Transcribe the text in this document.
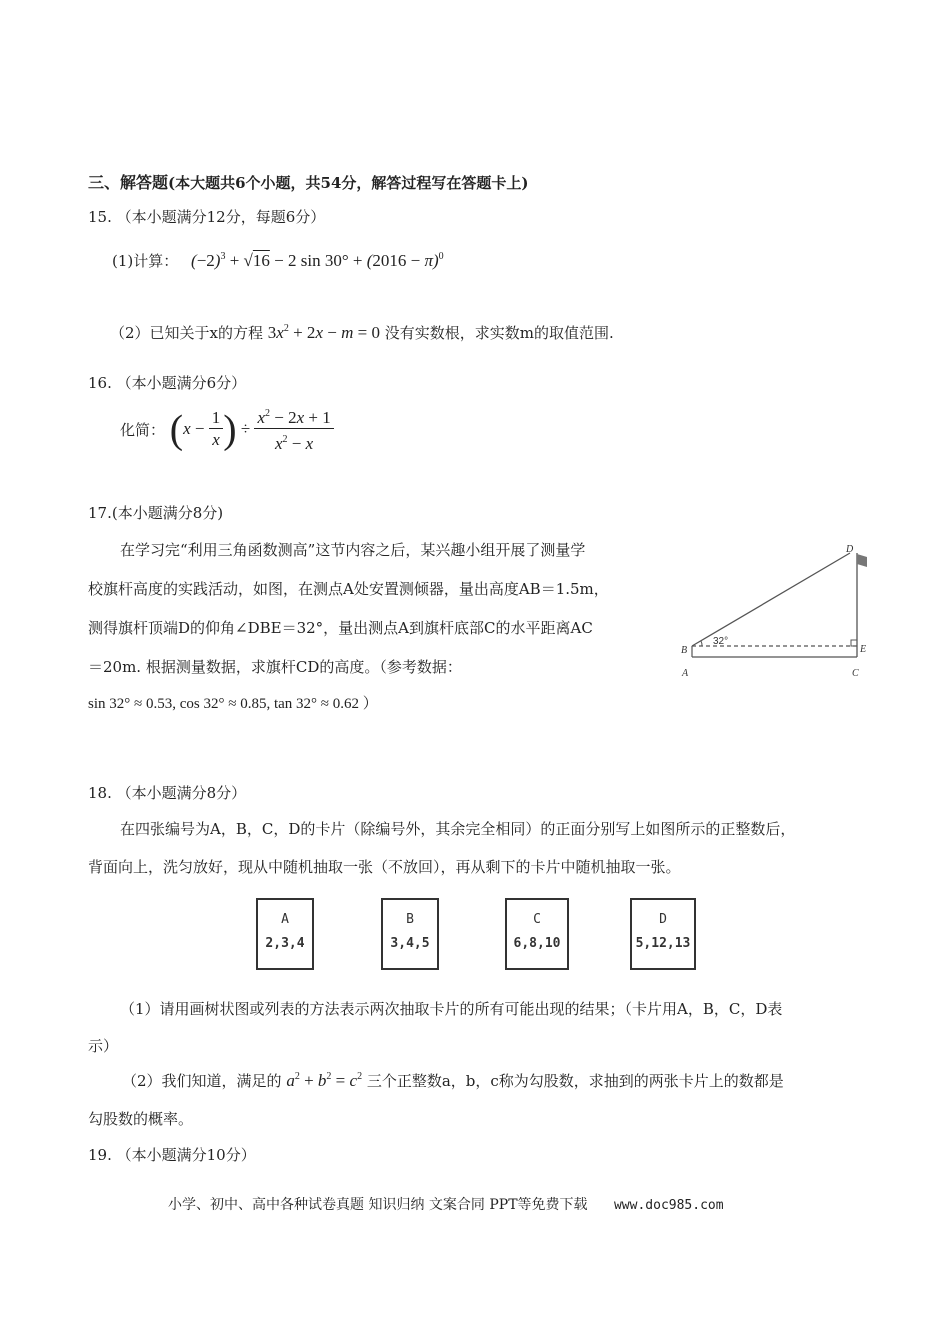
三、解答题(本大题共6个小题，共54分，解答过程写在答题卡上)
15. （本小题满分12分，每题6分）
(1)计算： $(-2)^3 + √16 - 2$ $\sin 30^\circ + (2016 - \pi)^0$
（2）已知关于x的方程 $3x^2 + 2x - m = 0$ 没有实数根，求实数m的取值范围.
16. （本小题满分6分）
化简： ($x - \frac{1}{x}$ ) ÷ $\frac{x^2 - 2x + 1}{x^2 - x}$
17.(本小题满分8分)
在学习完“利用三角函数测高”这节内容之后，某兴趣小组开展了测量学
校旗杆高度的实践活动，如图，在测点A处安置测倾器，量出高度AB＝1.5m，
测得旗杆顶端D的仰角∠DBE＝32°，量出测点A到旗杆底部C的水平距离AC
＝20m. 根据测量数据，求旗杆CD的高度。（参考数据：
sin 32° ≈ 0.53, cos 32° ≈ 0.85, tan 32° ≈ 0.62 ）
32°
B
A	C
E
D
18. （本小题满分8分）
在四张编号为A，B，C，D的卡片（除编号外，其余完全相同）的正面分别写上如图所示的正整数后，
背面向上，洗匀放好，现从中随机抽取一张（不放回），再从剩下的卡片中随机抽取一张。
A
2,3,4
B
3,4,5
C
6,8,10
D
5,12,13
（1）请用画树状图或列表的方法表示两次抽取卡片的所有可能出现的结果；（卡片用A，B，C，D表
示）
（2）我们知道，满足的 $a^2 + b^2 = c^2$ 三个正整数a，b，c称为勾股数，求抽到的两张卡片上的数都是
勾股数的概率。
19. （本小题满分10分）
小学、初中、高中各种试卷真题 知识归纳 文案合同 PPT等免费下载 www.doc985.com
